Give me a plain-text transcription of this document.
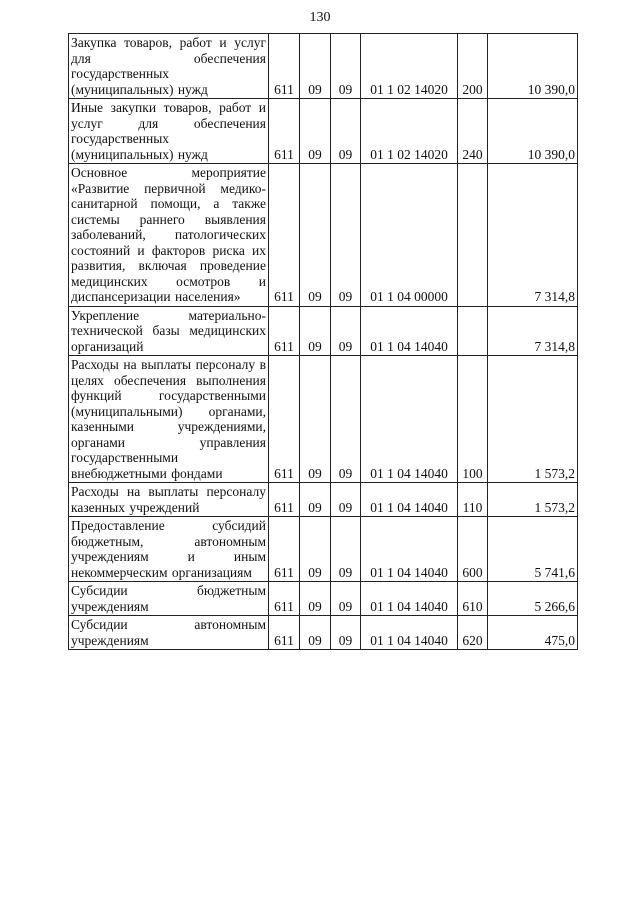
130
Закупка товаров, работ и услуг для обеспечения государственных (муниципальных) нужд	611	09	09	01 1 02 14020	200	10 390,0
Иные закупки товаров, работ и услуг для обеспечения государственных (муниципальных) нужд	611	09	09	01 1 02 14020	240	10 390,0
Основное мероприятие «Развитие первичной медико-санитарной помощи, а также системы раннего выявления заболеваний, патологических состояний и факторов риска их развития, включая проведение медицинских осмотров и диспансеризации населения»	611	09	09	01 1 04 00000		7 314,8
Укрепление материально-технической базы медицинских организаций	611	09	09	01 1 04 14040		7 314,8
Расходы на выплаты персоналу в целях обеспечения выполнения функций государственными (муниципальными) органами, казенными учреждениями, органами управления государственными внебюджетными фондами	611	09	09	01 1 04 14040	100	1 573,2
Расходы на выплаты персоналу казенных учреждений	611	09	09	01 1 04 14040	110	1 573,2
Предоставление субсидий бюджетным, автономным учреждениям и иным некоммерческим организациям	611	09	09	01 1 04 14040	600	5 741,6
Субсидии бюджетным учреждениям	611	09	09	01 1 04 14040	610	5 266,6
Субсидии автономным учреждениям	611	09	09	01 1 04 14040	620	475,0
